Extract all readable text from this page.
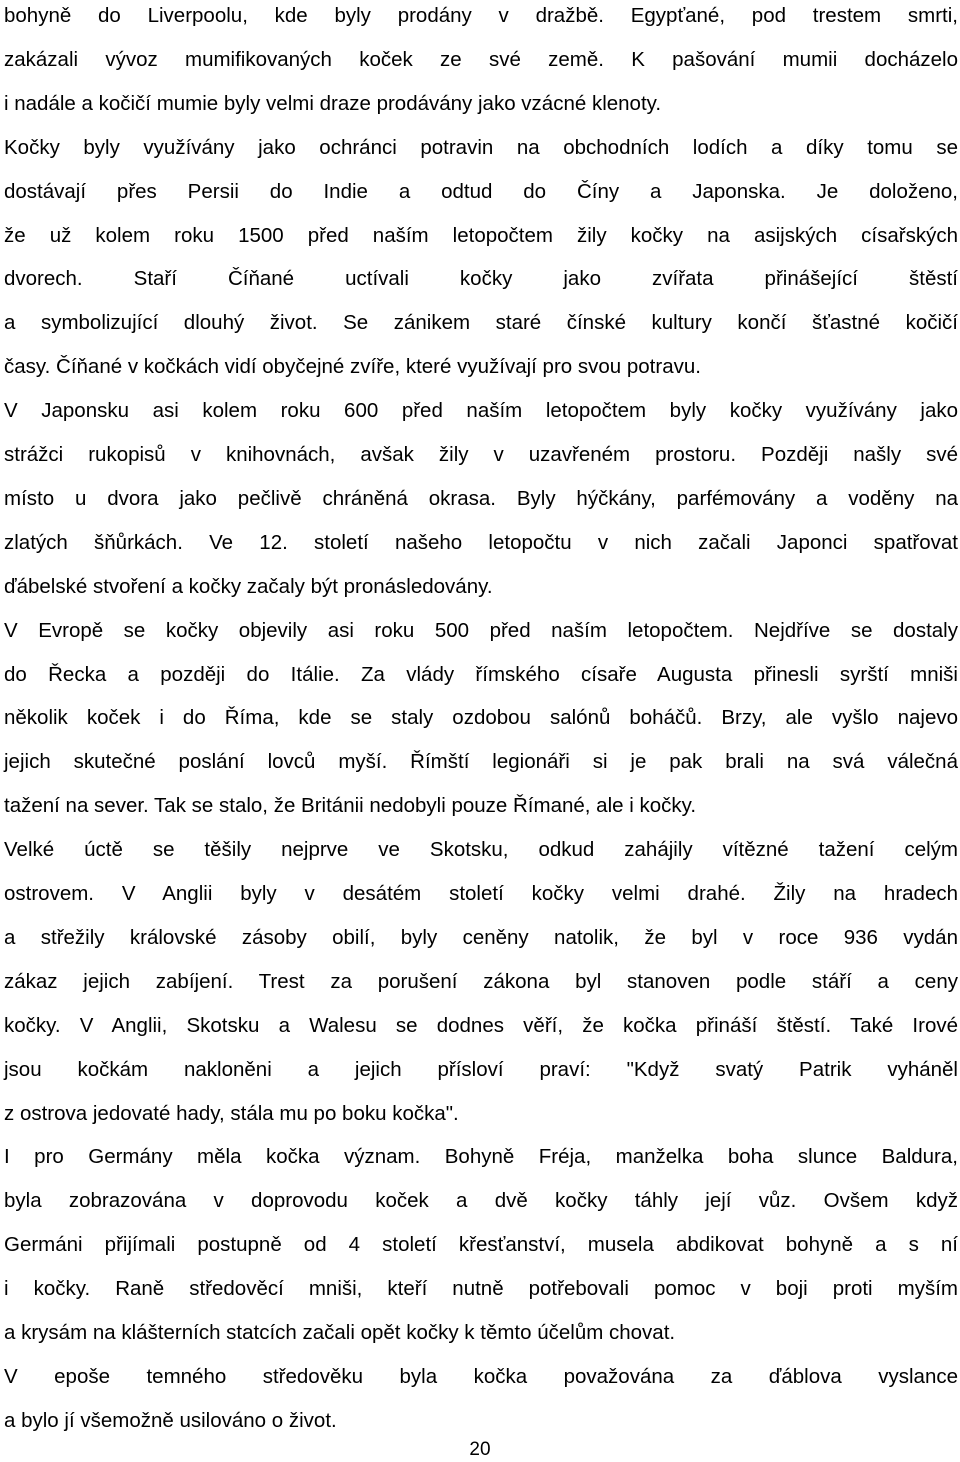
bohyně do Liverpoolu, kde byly prodány v dražbě. Egypťané, pod trestem smrti,
zakázali vývoz mumifikovaných koček ze své země. K pašování mumii docházelo
i nadále a kočičí mumie byly velmi draze prodávány jako vzácné klenoty.
Kočky byly využívány jako ochránci potravin na obchodních lodích a díky tomu se
dostávají přes Persii do Indie a odtud do Číny a Japonska. Je doloženo,
že už kolem roku 1500 před naším letopočtem žily kočky na asijských císařských
dvorech. Staří Číňané uctívali kočky jako zvířata přinášející štěstí
a symbolizující dlouhý život. Se zánikem staré čínské kultury končí šťastné kočičí
časy. Číňané v kočkách vidí obyčejné zvíře, které využívají pro svou potravu.
V Japonsku asi kolem roku 600 před naším letopočtem byly kočky využívány jako
strážci rukopisů v knihovnách, avšak žily v uzavřeném prostoru. Později našly své
místo u dvora jako pečlivě chráněná okrasa. Byly hýčkány, parfémovány a voděny na
zlatých šňůrkách. Ve 12. století našeho letopočtu v nich začali Japonci spatřovat
ďábelské stvoření a kočky začaly být pronásledovány.
V Evropě se kočky objevily asi roku 500 před naším letopočtem. Nejdříve se dostaly
do Řecka a později do Itálie. Za vlády římského císaře Augusta přinesli syrští mniši
několik koček i do Říma, kde se staly ozdobou salónů boháčů. Brzy, ale vyšlo najevo
jejich skutečné poslání lovců myší. Římští legionáři si je pak brali na svá válečná
tažení na sever. Tak se stalo, že Británii nedobyli pouze Římané, ale i kočky.
Velké úctě se těšily nejprve ve Skotsku, odkud zahájily vítězné tažení celým
ostrovem. V Anglii byly v desátém století kočky velmi drahé. Žily na hradech
a střežily královské zásoby obilí, byly ceněny natolik, že byl v roce 936 vydán
zákaz jejich zabíjení. Trest za porušení zákona byl stanoven podle stáří a ceny
kočky. V Anglii, Skotsku a Walesu se dodnes věří, že kočka přináší štěstí. Také Irové
jsou kočkám nakloněni a jejich přísloví praví: "Když svatý Patrik vyháněl
z ostrova jedovaté hady, stála mu po boku kočka".
I pro Germány měla kočka význam. Bohyně Fréja, manželka boha slunce Baldura,
byla zobrazována v doprovodu koček a dvě kočky táhly její vůz. Ovšem když
Germáni přijímali postupně od 4 století křesťanství, musela abdikovat bohyně a s ní
i kočky. Raně středověcí mniši, kteří nutně potřebovali pomoc v boji proti myším
a krysám na klášterních statcích začali opět kočky k těmto účelům chovat.
V epoše temného středověku byla kočka považována za ďáblova vyslance
a bylo jí všemožně usilováno o život.
20
